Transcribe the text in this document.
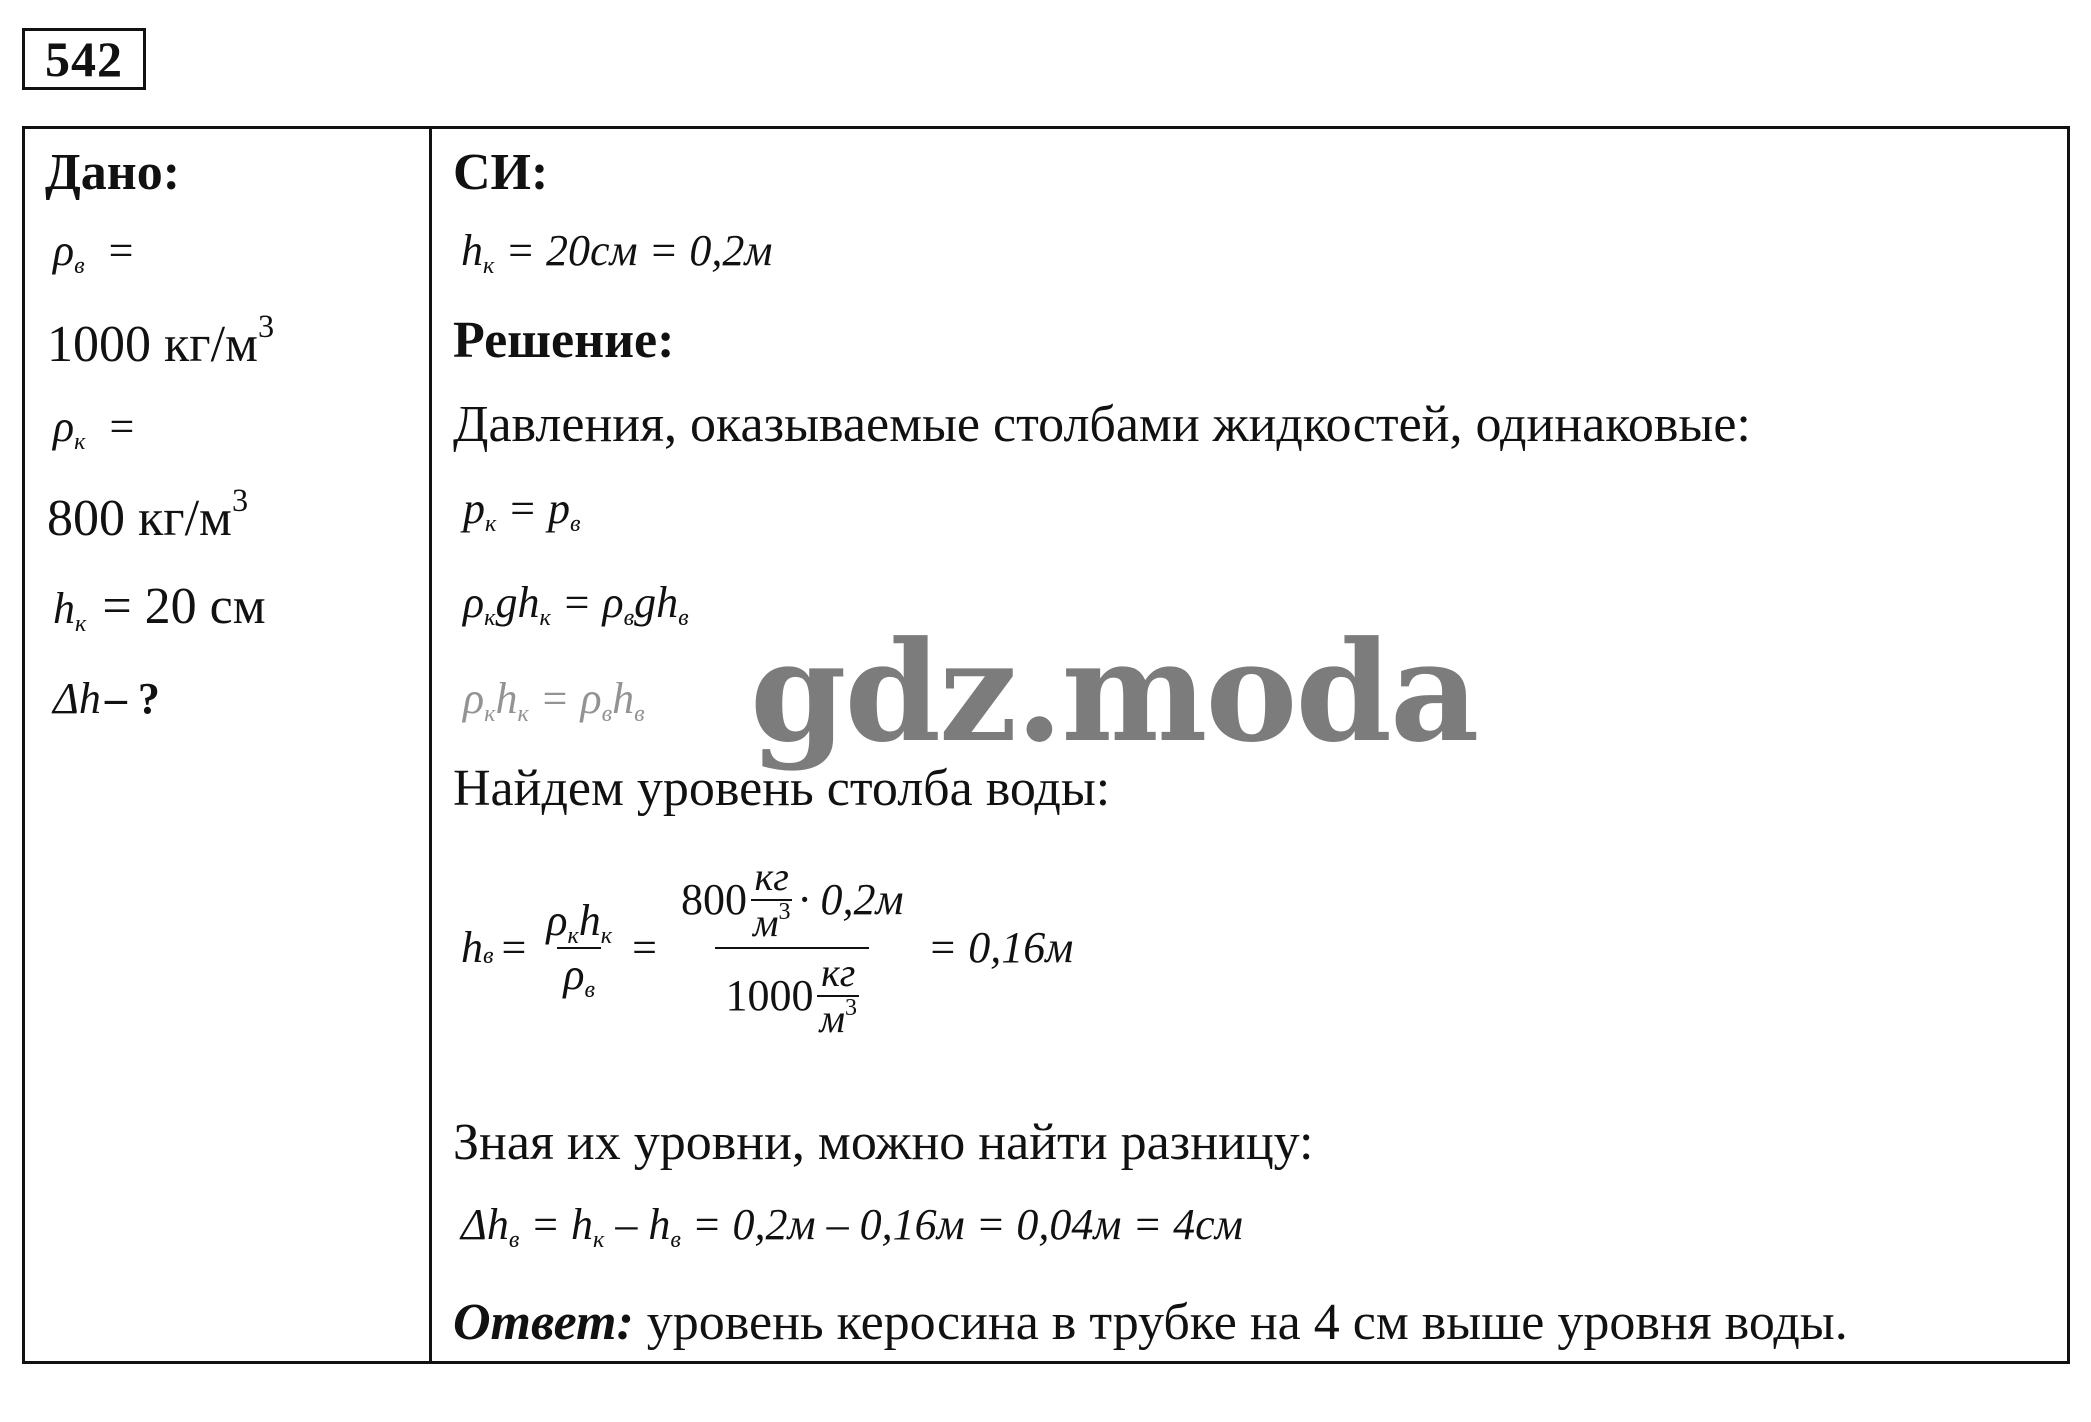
542
Дано:
ρв =
1000 $кг/м^3$
ρк =
800 $кг/м^3$
hк = 20 см
Δh– ?
СИ:
hк = 20см = 0,2м
Решение:
Давления, оказываемые столбами жидкостей, одинаковые:
pк = pв
ρкghк = ρвghв
ρкhк = ρвhв
Найдем уровень столба воды:
h $в = \frac{\text{ρкhк}}{\rho в}$ =
$800 \frac{кг}{м^3} \cdot 0,2м$
$1000 \frac{кг}{м^3}$
= 0,16м
Зная их уровни, можно найти разницу:
Δhв = hк – hв = 0,2м – 0,16м = 0,04м = 4см
Ответ: уровень керосина в трубке на 4 см выше уровня воды.
gdz.moda
